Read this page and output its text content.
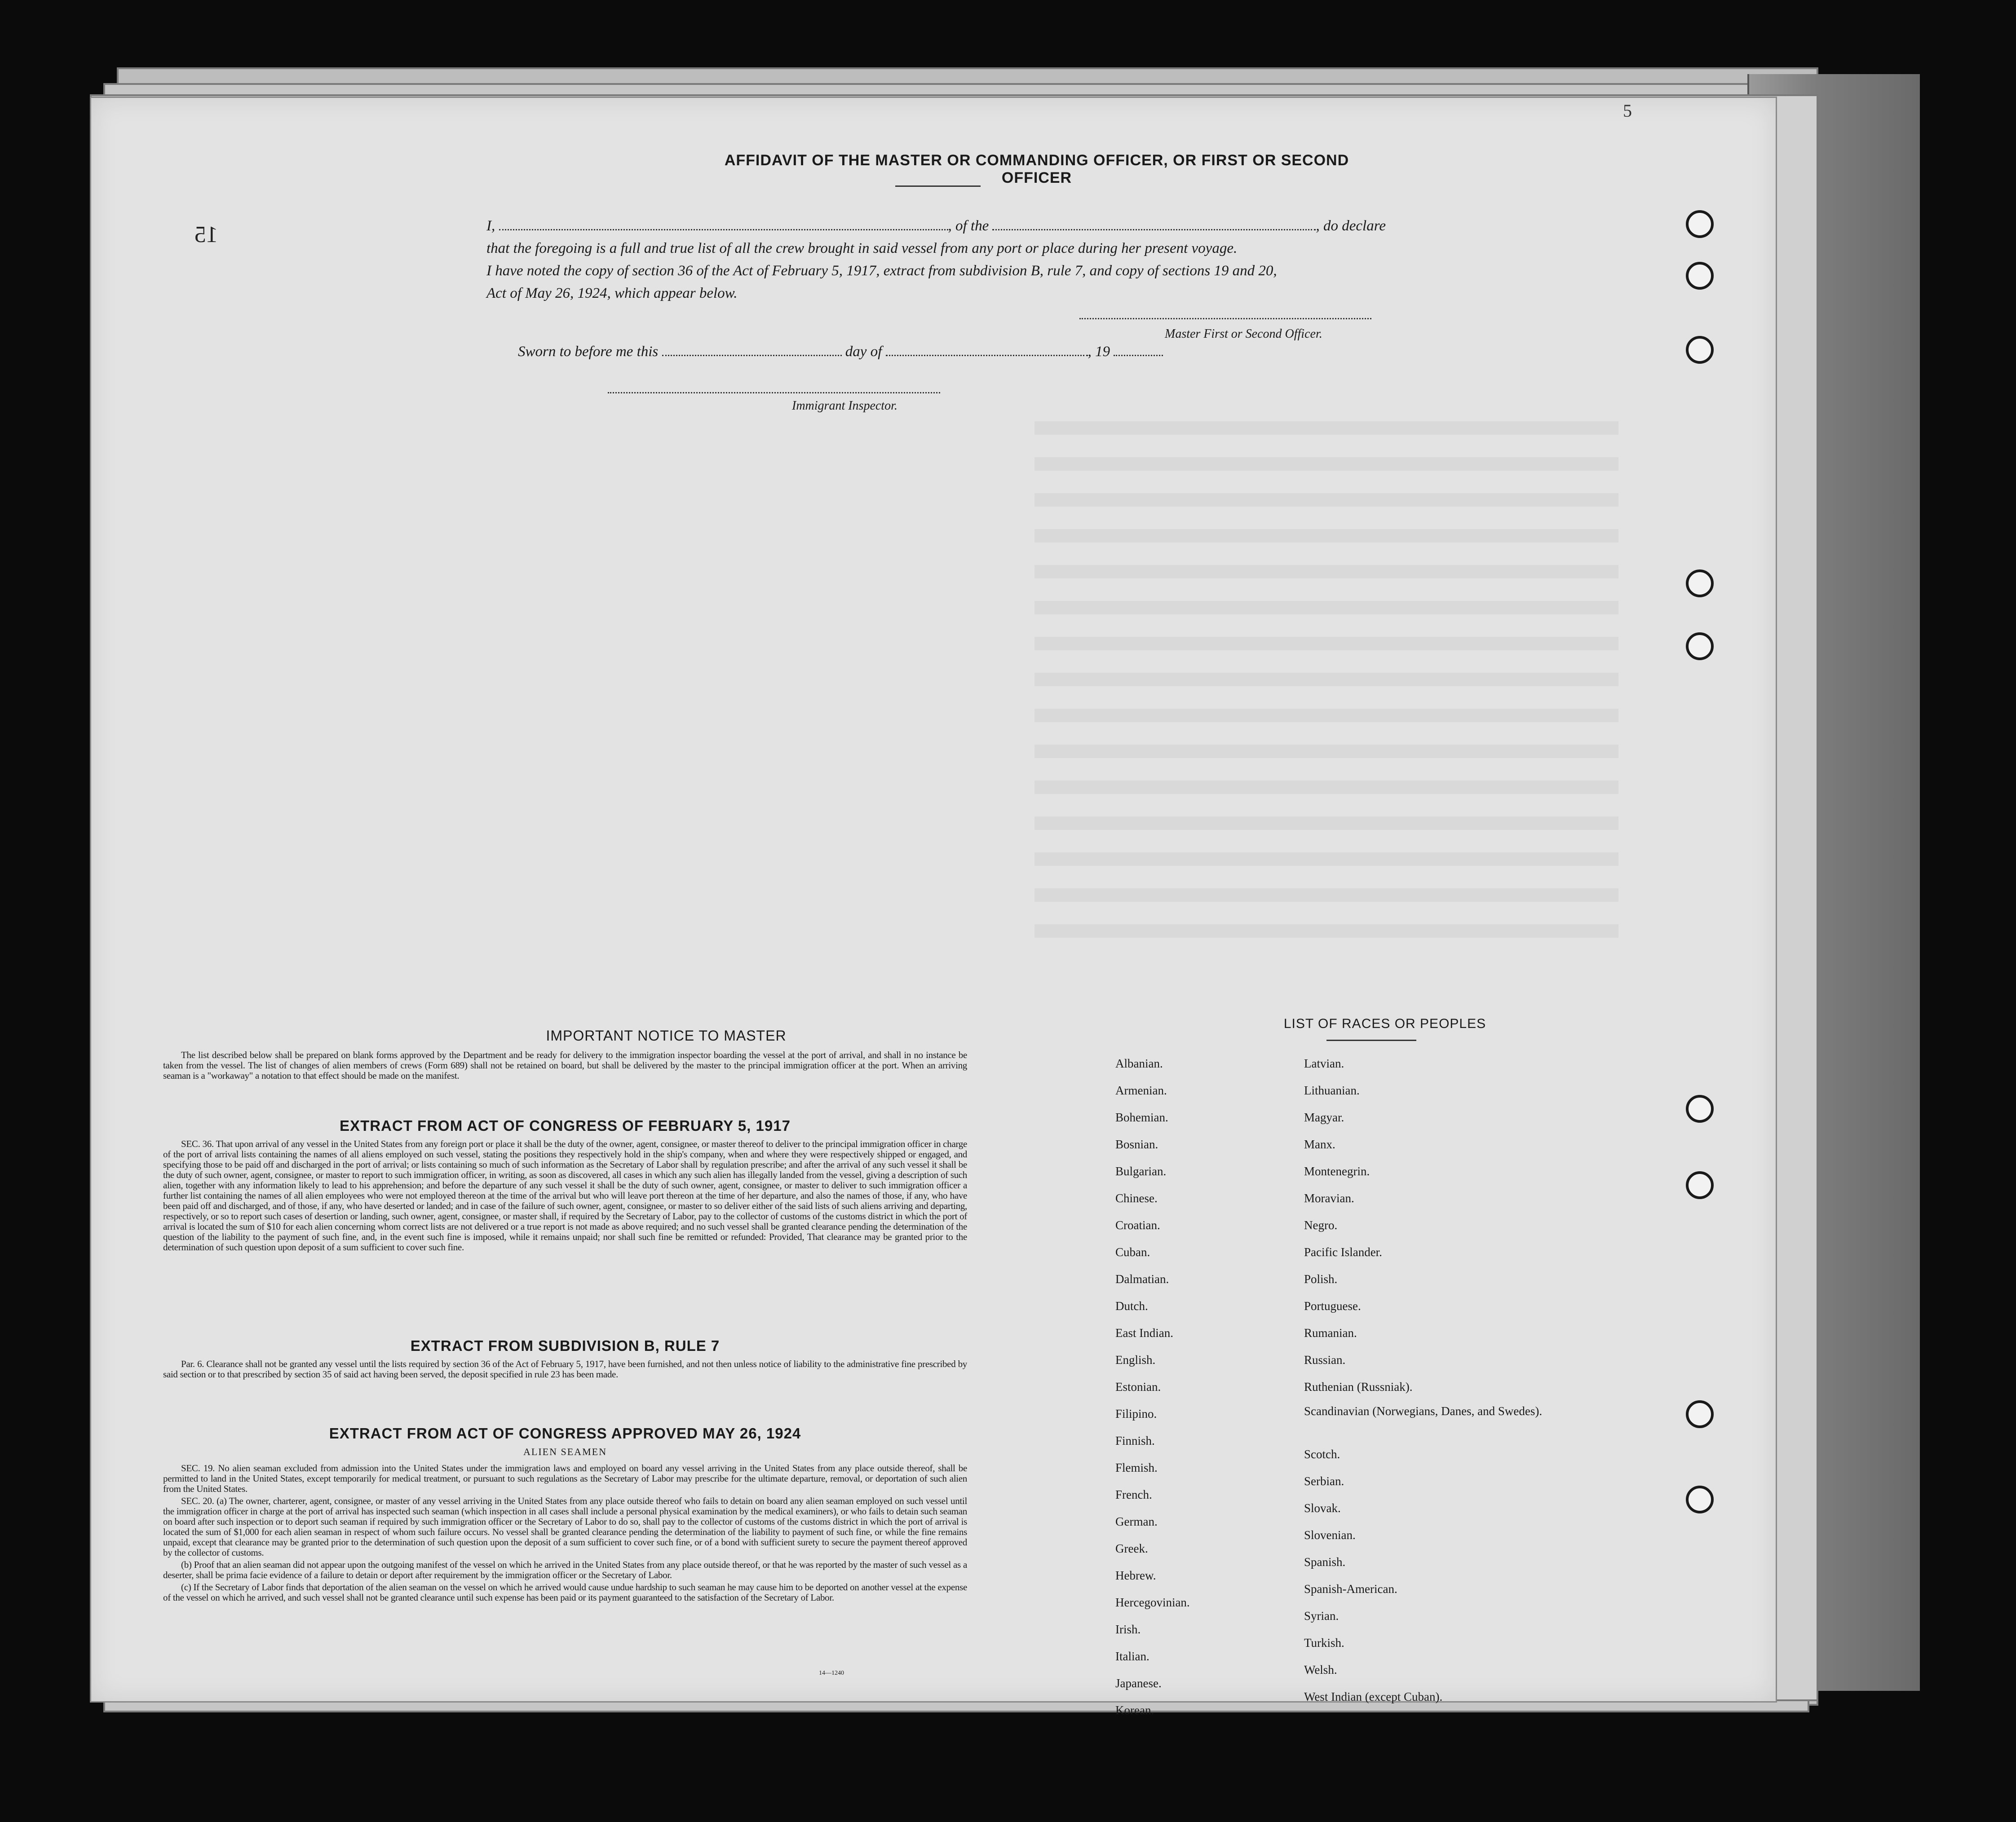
5
15
AFFIDAVIT OF THE MASTER OR COMMANDING OFFICER, OR FIRST OR SECOND OFFICER
I,	, of the	, do declare
that the foregoing is a full and true list of all the crew brought in said vessel from any port or place during her present voyage.
I have noted the copy of section 36 of the Act of February 5, 1917, extract from subdivision B, rule 7, and copy of sections 19 and 20,
Act of May 26, 1924, which appear below.
Master First or Second Officer.
Sworn to before me this	day of	, 19
Immigrant Inspector.
IMPORTANT NOTICE TO MASTER

The list described below shall be prepared on blank forms approved by the Department and be ready for delivery to the immigration inspector boarding the vessel at the port of arrival, and shall in no instance be taken from the vessel. The list of changes of alien members of crews (Form 689) shall not be retained on board, but shall be delivered by the master to the principal immigration officer at the port. When an arriving seaman is a "workaway" a notation to that effect should be made on the manifest.

EXTRACT FROM ACT OF CONGRESS OF FEBRUARY 5, 1917

SEC. 36. That upon arrival of any vessel in the United States from any foreign port or place it shall be the duty of the owner, agent, consignee, or master thereof to deliver to the principal immigration officer in charge of the port of arrival lists containing the names of all aliens employed on such vessel, stating the positions they respectively hold in the ship's company, when and where they were respectively shipped or engaged, and specifying those to be paid off and discharged in the port of arrival; or lists containing so much of such information as the Secretary of Labor shall by regulation prescribe; and after the arrival of any such vessel it shall be the duty of such owner, agent, consignee, or master to report to such immigration officer, in writing, as soon as discovered, all cases in which any such alien has illegally landed from the vessel, giving a description of such alien, together with any information likely to lead to his apprehension; and before the departure of any such vessel it shall be the duty of such owner, agent, consignee, or master to deliver to such immigration officer a further list containing the names of all alien employees who were not employed thereon at the time of the arrival but who will leave port thereon at the time of her departure, and also the names of those, if any, who have been paid off and discharged, and of those, if any, who have deserted or landed; and in case of the failure of such owner, agent, consignee, or master to so deliver either of the said lists of such aliens arriving and departing, respectively, or so to report such cases of desertion or landing, such owner, agent, consignee, or master shall, if required by the Secretary of Labor, pay to the collector of customs of the customs district in which the port of arrival is located the sum of $10 for each alien concerning whom correct lists are not delivered or a true report is not made as above required; and no such vessel shall be granted clearance pending the determination of the question of the liability to the payment of such fine, and, in the event such fine is imposed, while it remains unpaid; nor shall such fine be remitted or refunded: Provided, That clearance may be granted prior to the determination of such question upon deposit of a sum sufficient to cover such fine.

EXTRACT FROM SUBDIVISION B, RULE 7

Par. 6. Clearance shall not be granted any vessel until the lists required by section 36 of the Act of February 5, 1917, have been furnished, and not then unless notice of liability to the administrative fine prescribed by said section or to that prescribed by section 35 of said act having been served, the deposit specified in rule 23 has been made.

EXTRACT FROM ACT OF CONGRESS APPROVED MAY 26, 1924
ALIEN SEAMEN

SEC. 19. No alien seaman excluded from admission into the United States under the immigration laws and employed on board any vessel arriving in the United States from any place outside thereof, shall be permitted to land in the United States, except temporarily for medical treatment, or pursuant to such regulations as the Secretary of Labor may prescribe for the ultimate departure, removal, or deportation of such alien from the United States.

SEC. 20. (a) The owner, charterer, agent, consignee, or master of any vessel arriving in the United States from any place outside thereof who fails to detain on board any alien seaman employed on such vessel until the immigration officer in charge at the port of arrival has inspected such seaman (which inspection in all cases shall include a personal physical examination by the medical examiners), or who fails to detain such seaman on board after such inspection or to deport such seaman if required by such immigration officer or the Secretary of Labor to do so, shall pay to the collector of customs of the customs district in which the port of arrival is located the sum of $1,000 for each alien seaman in respect of whom such failure occurs. No vessel shall be granted clearance pending the determination of the liability to payment of such fine, or while the fine remains unpaid, except that clearance may be granted prior to the determination of such question upon the deposit of a sum sufficient to cover such fine, or of a bond with sufficient surety to secure the payment thereof approved by the collector of customs.

(b) Proof that an alien seaman did not appear upon the outgoing manifest of the vessel on which he arrived in the United States from any place outside thereof, or that he was reported by the master of such vessel as a deserter, shall be prima facie evidence of a failure to detain or deport after requirement by the immigration officer or the Secretary of Labor.

(c) If the Secretary of Labor finds that deportation of the alien seaman on the vessel on which he arrived would cause undue hardship to such seaman he may cause him to be deported on another vessel at the expense of the vessel on which he arrived, and such vessel shall not be granted clearance until such expense has been paid or its payment guaranteed to the satisfaction of the Secretary of Labor.

14—1240
LIST OF RACES OR PEOPLES
Albanian.
Armenian.
Bohemian.
Bosnian.
Bulgarian.
Chinese.
Croatian.
Cuban.
Dalmatian.
Dutch.
East Indian.
English.
Estonian.
Filipino.
Finnish.
Flemish.
French.
German.
Greek.
Hebrew.
Hercegovinian.
Irish.
Italian.
Japanese.
Korean.
Latvian.
Lithuanian.
Magyar.
Manx.
Montenegrin.
Moravian.
Negro.
Pacific Islander.
Polish.
Portuguese.
Rumanian.
Russian.
Ruthenian (Russniak).
Scandinavian (Norwegians, Danes, and Swedes).
Scotch.
Serbian.
Slovak.
Slovenian.
Spanish.
Spanish-American.
Syrian.
Turkish.
Welsh.
West Indian (except Cuban).
